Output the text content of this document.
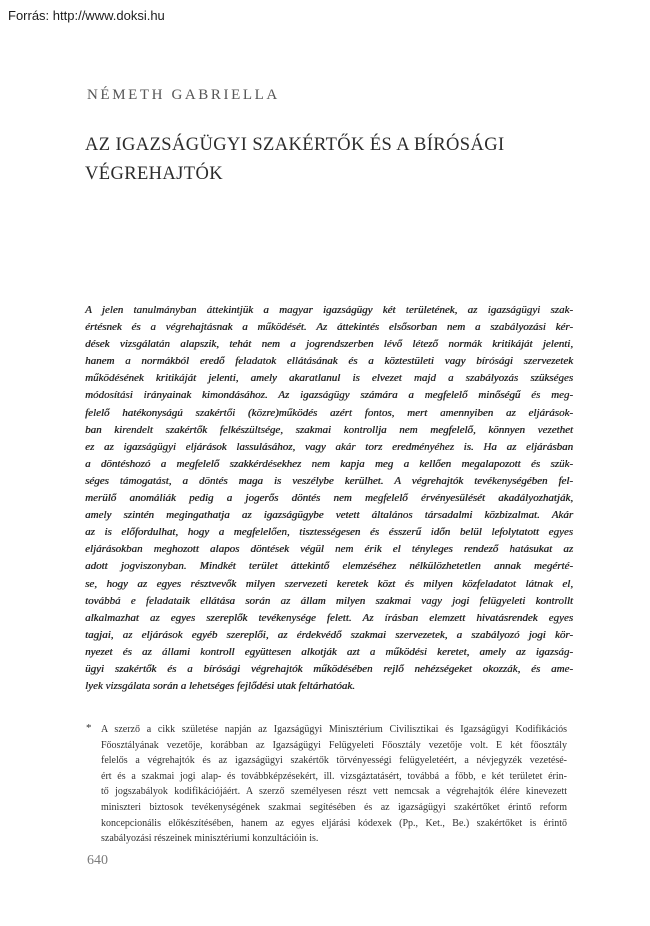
Forrás: http://www.doksi.hu
NÉMETH GABRIELLA
AZ IGAZSÁGÜGYI SZAKÉRTŐK ÉS A BÍRÓSÁGI
VÉGREHAJTÓK
A jelen tanulmányban áttekintjük a magyar igazságügy két területének, az igazságügyi szak-
értésnek és a végrehajtásnak a működését. Az áttekintés elsősorban nem a szabályozási kér-
dések vizsgálatán alapszik, tehát nem a jogrendszerben lévő létező normák kritikáját jelenti,
hanem a normákból eredő feladatok ellátásának és a köztestületi vagy bírósági szervezetek
működésének kritikáját jelenti, amely akaratlanul is elvezet majd a szabályozás szükséges
módosítási irányainak kimondásához. Az igazságügy számára a megfelelő minőségű és meg-
felelő hatékonyságú szakértői (közre)működés azért fontos, mert amennyiben az eljárások-
ban kirendelt szakértők felkészültsége, szakmai kontrollja nem megfelelő, könnyen vezethet
ez az igazságügyi eljárások lassulásához, vagy akár torz eredményéhez is. Ha az eljárásban
a döntéshozó a megfelelő szakkérdésekhez nem kapja meg a kellően megalapozott és szük-
séges támogatást, a döntés maga is veszélybe kerülhet. A végrehajtók tevékenységében fel-
merülő anomáliák pedig a jogerős döntés nem megfelelő érvényesülését akadályozhatják,
amely szintén megingathatja az igazságügybe vetett általános társadalmi közbizalmat. Akár
az is előfordulhat, hogy a megfelelően, tisztességesen és ésszerű időn belül lefolytatott egyes
eljárásokban meghozott alapos döntések végül nem érik el tényleges rendező hatásukat az
adott jogviszonyban. Mindkét terület áttekintő elemzéséhez nélkülözhetetlen annak megérté-
se, hogy az egyes résztvevők milyen szervezeti keretek közt és milyen közfeladatot látnak el,
továbbá e feladataik ellátása során az állam milyen szakmai vagy jogi felügyeleti kontrollt
alkalmazhat az egyes szereplők tevékenysége felett. Az írásban elemzett hivatásrendek egyes
tagjai, az eljárások egyéb szereplői, az érdekvédő szakmai szervezetek, a szabályozó jogi kör-
nyezet és az állami kontroll együttesen alkotják azt a működési keretet, amely az igazság-
ügyi szakértők és a bírósági végrehajtók működésében rejlő nehézségeket okozzák, és ame-
lyek vizsgálata során a lehetséges fejlődési utak feltárhatóak.
* A szerző a cikk születése napján az Igazságügyi Minisztérium Civilisztikai és Igazságügyi Kodifikációs
Főosztályának vezetője, korábban az Igazságügyi Felügyeleti Főosztály vezetője volt. E két főosztály
felelős a végrehajtók és az igazságügyi szakértők törvényességi felügyeletéért, a névjegyzék vezetésé-
ért és a szakmai jogi alap- és továbbképzésekért, ill. vizsgáztatásért, továbbá a főbb, e két területet érin-
tő jogszabályok kodifikációjáért. A szerző személyesen részt vett nemcsak a végrehajtók élére kinevezett
miniszteri biztosok tevékenységének szakmai segítésében és az igazságügyi szakértőket érintő reform
koncepcionális előkészítésében, hanem az egyes eljárási kódexek (Pp., Ket., Be.) szakértőket is érintő
szabályozási részeinek minisztériumi konzultációin is.
640
